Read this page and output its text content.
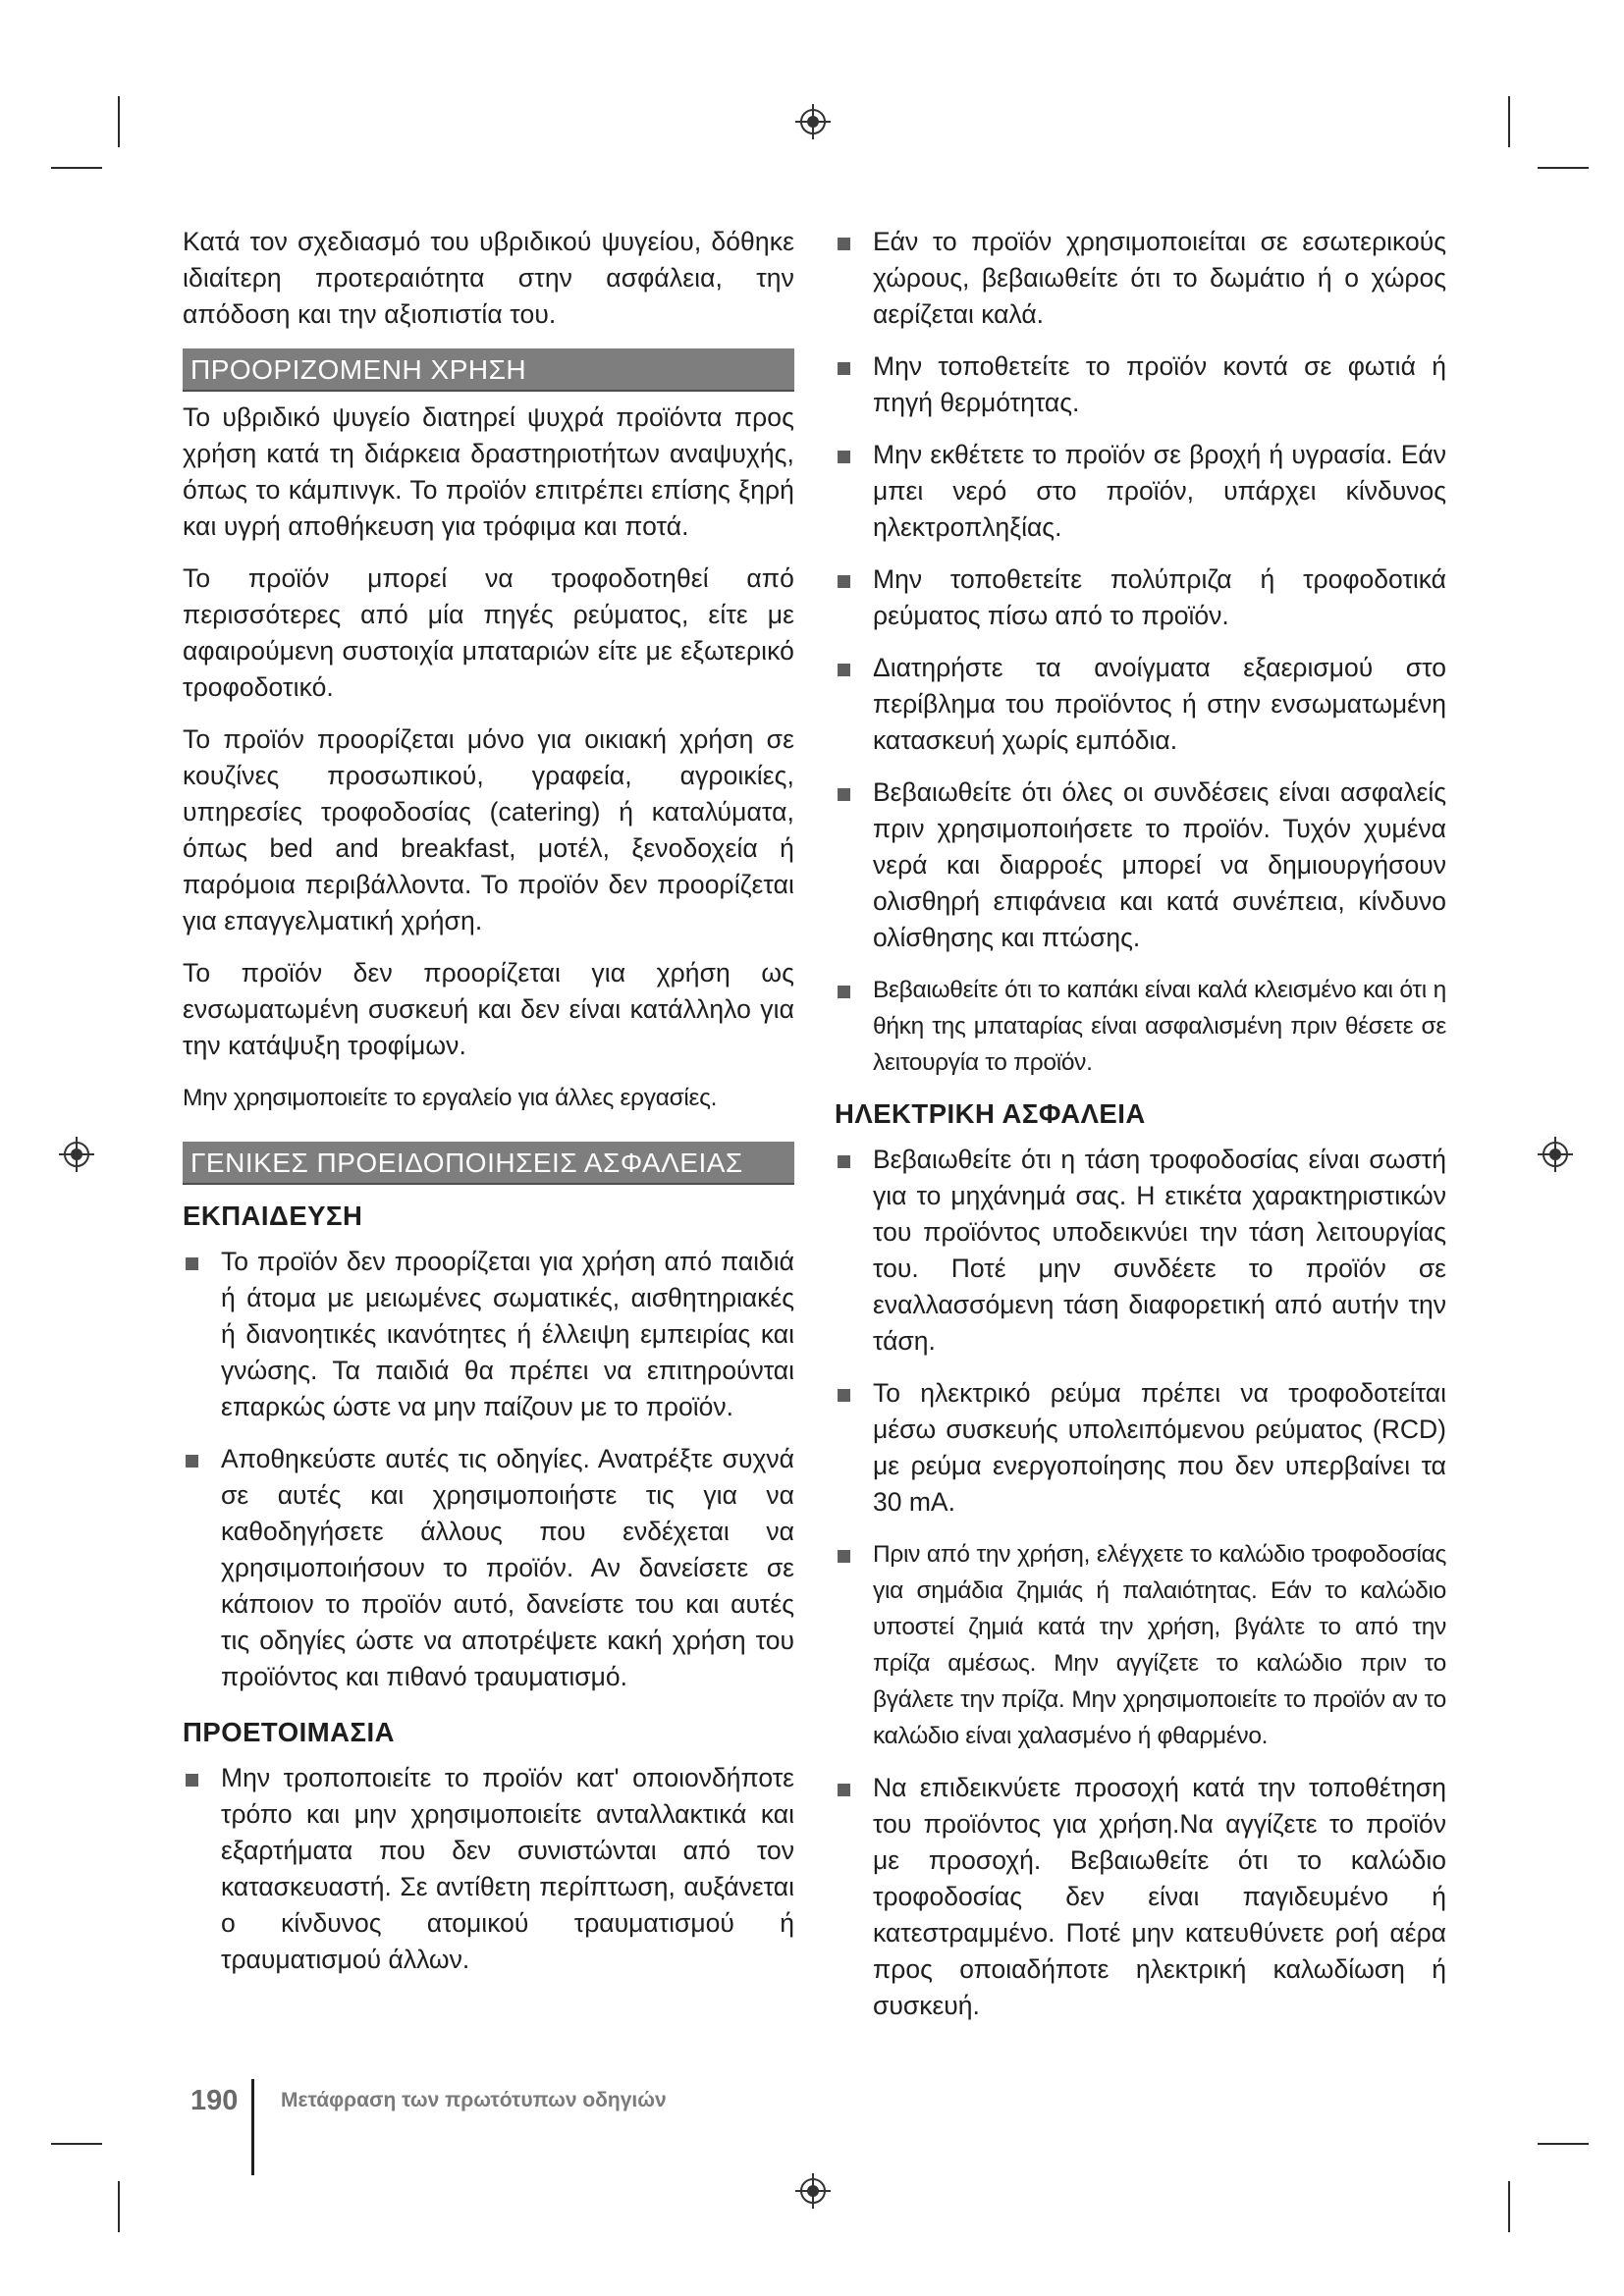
Κατά τον σχεδιασμό του υβριδικού ψυγείου, δόθηκε ιδιαίτερη προτεραιότητα στην ασφάλεια, την απόδοση και την αξιοπιστία του.

ΠΡΟΟΡΙΖΟΜΕΝΗ ΧΡΗΣΗ

Το υβριδικό ψυγείο διατηρεί ψυχρά προϊόντα προς χρήση κατά τη διάρκεια δραστηριοτήτων αναψυχής, όπως το κάμπινγκ. Το προϊόν επιτρέπει επίσης ξηρή και υγρή αποθήκευση για τρόφιμα και ποτά.

Το προϊόν μπορεί να τροφοδοτηθεί από περισσότερες από μία πηγές ρεύματος, είτε με αφαιρούμενη συστοιχία μπαταριών είτε με εξωτερικό τροφοδοτικό.

Το προϊόν προορίζεται μόνο για οικιακή χρήση σε κουζίνες προσωπικού, γραφεία, αγροικίες, υπηρεσίες τροφοδοσίας (catering) ή καταλύματα, όπως bed and breakfast, μοτέλ, ξενοδοχεία ή παρόμοια περιβάλλοντα. Το προϊόν δεν προορίζεται για επαγγελματική χρήση.

Το προϊόν δεν προορίζεται για χρήση ως ενσωματωμένη συσκευή και δεν είναι κατάλληλο για την κατάψυξη τροφίμων.

Μην χρησιμοποιείτε το εργαλείο για άλλες εργασίες.

ΓΕΝΙΚΕΣ ΠΡΟΕΙΔΟΠΟΙΗΣΕΙΣ ΑΣΦΑΛΕΙΑΣ
ΕΚΠΑΙΔΕΥΣΗ
Το προϊόν δεν προορίζεται για χρήση από παιδιά ή άτομα με μειωμένες σωματικές, αισθητηριακές ή διανοητικές ικανότητες ή έλλειψη εμπειρίας και γνώσης. Τα παιδιά θα πρέπει να επιτηρούνται επαρκώς ώστε να μην παίζουν με το προϊόν.
Αποθηκεύστε αυτές τις οδηγίες. Ανατρέξτε συχνά σε αυτές και χρησιμοποιήστε τις για να καθοδηγήσετε άλλους που ενδέχεται να χρησιμοποιήσουν το προϊόν. Αν δανείσετε σε κάποιον το προϊόν αυτό, δανείστε του και αυτές τις οδηγίες ώστε να αποτρέψετε κακή χρήση του προϊόντος και πιθανό τραυματισμό.
ΠΡΟΕΤΟΙΜΑΣΙΑ
Μην τροποποιείτε το προϊόν κατ' οποιονδήποτε τρόπο και μην χρησιμοποιείτε ανταλλακτικά και εξαρτήματα που δεν συνιστώνται από τον κατασκευαστή. Σε αντίθετη περίπτωση, αυξάνεται ο κίνδυνος ατομικού τραυματισμού ή τραυματισμού άλλων.
Εάν το προϊόν χρησιμοποιείται σε εσωτερικούς χώρους, βεβαιωθείτε ότι το δωμάτιο ή ο χώρος αερίζεται καλά.
Μην τοποθετείτε το προϊόν κοντά σε φωτιά ή πηγή θερμότητας.
Μην εκθέτετε το προϊόν σε βροχή ή υγρασία. Εάν μπει νερό στο προϊόν, υπάρχει κίνδυνος ηλεκτροπληξίας.
Μην τοποθετείτε πολύπριζα ή τροφοδοτικά ρεύματος πίσω από το προϊόν.
Διατηρήστε τα ανοίγματα εξαερισμού στο περίβλημα του προϊόντος ή στην ενσωματωμένη κατασκευή χωρίς εμπόδια.
Βεβαιωθείτε ότι όλες οι συνδέσεις είναι ασφαλείς πριν χρησιμοποιήσετε το προϊόν. Τυχόν χυμένα νερά και διαρροές μπορεί να δημιουργήσουν ολισθηρή επιφάνεια και κατά συνέπεια, κίνδυνο ολίσθησης και πτώσης.
Βεβαιωθείτε ότι το καπάκι είναι καλά κλεισμένο και ότι η θήκη της μπαταρίας είναι ασφαλισμένη πριν θέσετε σε λειτουργία το προϊόν.
ΗΛΕΚΤΡΙΚΗ ΑΣΦΑΛΕΙΑ
Βεβαιωθείτε ότι η τάση τροφοδοσίας είναι σωστή για το μηχάνημά σας. Η ετικέτα χαρακτηριστικών του προϊόντος υποδεικνύει την τάση λειτουργίας του. Ποτέ μην συνδέετε το προϊόν σε εναλλασσόμενη τάση διαφορετική από αυτήν την τάση.
Το ηλεκτρικό ρεύμα πρέπει να τροφοδοτείται μέσω συσκευής υπολειπόμενου ρεύματος (RCD) με ρεύμα ενεργοποίησης που δεν υπερβαίνει τα 30 mA.
Πριν από την χρήση, ελέγχετε το καλώδιο τροφοδοσίας για σημάδια ζημιάς ή παλαιότητας. Εάν το καλώδιο υποστεί ζημιά κατά την χρήση, βγάλτε το από την πρίζα αμέσως. Μην αγγίζετε το καλώδιο πριν το βγάλετε την πρίζα. Μην χρησιμοποιείτε το προϊόν αν το καλώδιο είναι χαλασμένο ή φθαρμένο.
Να επιδεικνύετε προσοχή κατά την τοποθέτηση του προϊόντος για χρήση.Να αγγίζετε το προϊόν με προσοχή. Βεβαιωθείτε ότι το καλώδιο τροφοδοσίας δεν είναι παγιδευμένο ή κατεστραμμένο. Ποτέ μην κατευθύνετε ροή αέρα προς οποιαδήποτε ηλεκτρική καλωδίωση ή συσκευή.
190 Μετάφραση των πρωτότυπων οδηγιών
